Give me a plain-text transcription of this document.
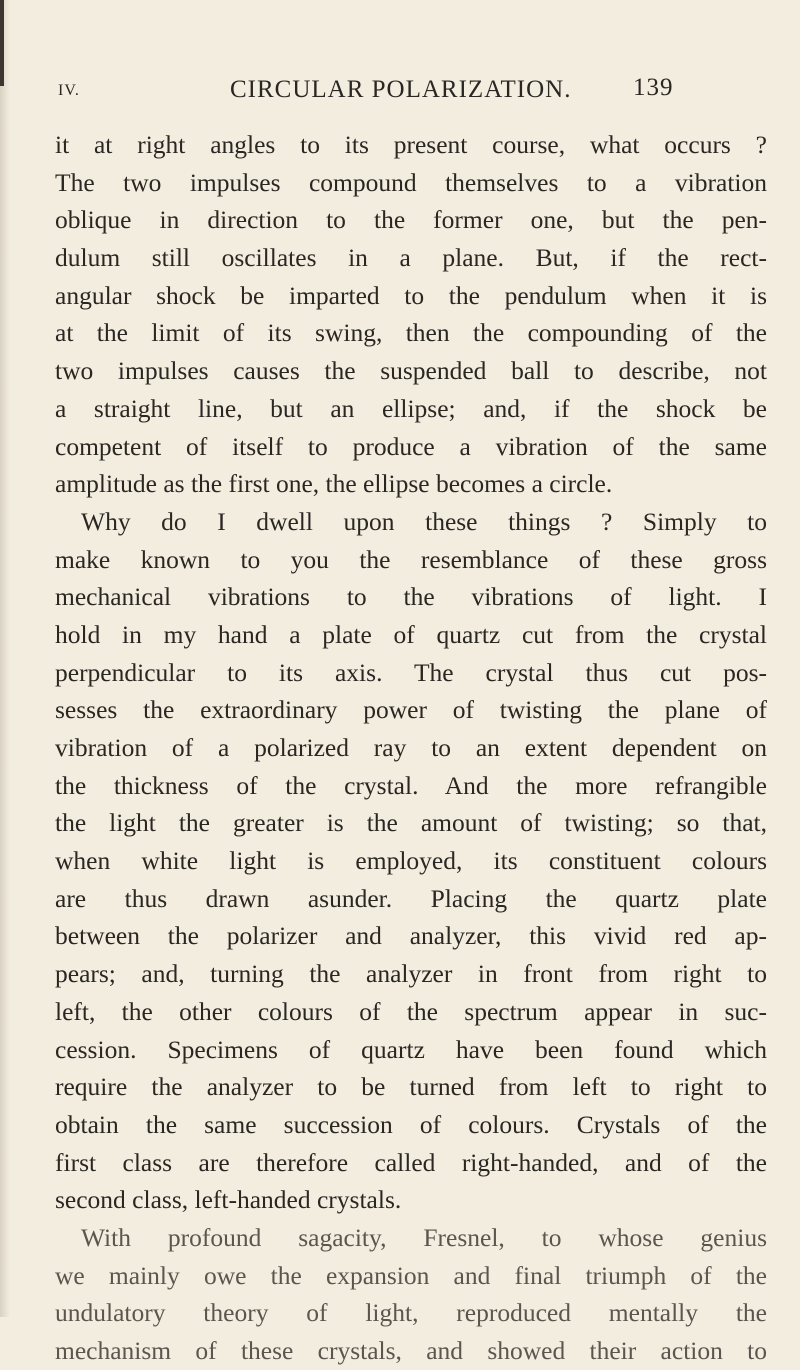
IV.	CIRCULAR POLARIZATION. 139
it at right angles to its present course, what occurs ?
The two impulses compound themselves to a vibration
oblique in direction to the former one, but the pen-
dulum still oscillates in a plane. But, if the rect-
angular shock be imparted to the pendulum when it is
at the limit of its swing, then the compounding of the
two impulses causes the suspended ball to describe, not
a straight line, but an ellipse; and, if the shock be
competent of itself to produce a vibration of the same
amplitude as the first one, the ellipse becomes a circle.
Why do I dwell upon these things ? Simply to
make known to you the resemblance of these gross
mechanical vibrations to the vibrations of light. I
hold in my hand a plate of quartz cut from the crystal
perpendicular to its axis. The crystal thus cut pos-
sesses the extraordinary power of twisting the plane of
vibration of a polarized ray to an extent dependent on
the thickness of the crystal. And the more refrangible
the light the greater is the amount of twisting; so that,
when white light is employed, its constituent colours
are thus drawn asunder. Placing the quartz plate
between the polarizer and analyzer, this vivid red ap-
pears; and, turning the analyzer in front from right to
left, the other colours of the spectrum appear in suc-
cession. Specimens of quartz have been found which
require the analyzer to be turned from left to right to
obtain the same succession of colours. Crystals of the
first class are therefore called right-handed, and of the
second class, left-handed crystals.
With profound sagacity, Fresnel, to whose genius
we mainly owe the expansion and final triumph of the
undulatory theory of light, reproduced mentally the
mechanism of these crystals, and showed their action to
